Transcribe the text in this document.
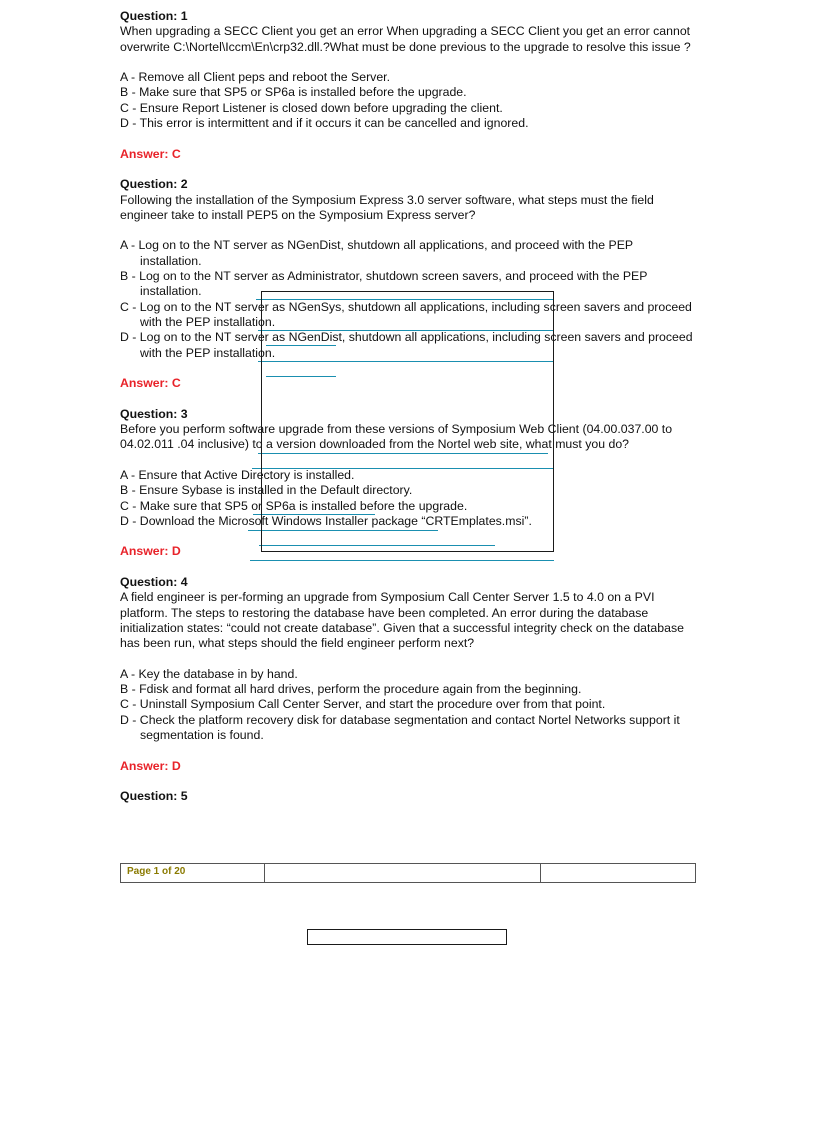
Question: 1

When upgrading a SECC Client you get an error When upgrading a SECC Client you get an error cannot overwrite C:\Nortel\Iccm\En\crp32.dll.?What must be done previous to the upgrade to resolve this issue ?

A - Remove all Client peps and reboot the Server.
B - Make sure that SP5 or SP6a is installed before the upgrade.
C - Ensure Report Listener is closed down before upgrading the client.
D - This error is intermittent and if it occurs it can be cancelled and ignored.
Answer: C
Question: 2

Following the installation of the Symposium Express 3.0 server software, what steps must the field engineer take to install PEP5 on the Symposium Express server?

A - Log on to the NT server as NGenDist, shutdown all applications, and proceed with the PEP installation.
B - Log on to the NT server as Administrator, shutdown screen savers, and proceed with the PEP installation.
C - Log on to the NT server as NGenSys, shutdown all applications, including screen savers and proceed with the PEP installation.
D - Log on to the NT server as NGenDist, shutdown all applications, including screen savers and proceed with the PEP installation.
Answer: C
Question: 3

Before you perform software upgrade from these versions of Symposium Web Client (04.00.037.00 to 04.02.011 .04 inclusive) to a version downloaded from the Nortel web site, what must you do?

A - Ensure that Active Directory is installed.
B - Ensure Sybase is installed in the Default directory.
C - Make sure that SP5 or SP6a is installed before the upgrade.
D - Download the Microsoft Windows Installer package “CRTEmplates.msi”.
Answer: D
Question: 4

A field engineer is per-forming an upgrade from Symposium Call Center Server 1.5 to 4.0 on a PVI platform. The steps to restoring the database have been completed. An error during the database initialization states: “could not create database”. Given that a successful integrity check on the database has been run, what steps should the field engineer perform next?

A - Key the database in by hand.
B - Fdisk and format all hard drives, perform the procedure again from the beginning.
C - Uninstall Symposium Call Center Server, and start the procedure over from that point.
D - Check the platform recovery disk for database segmentation and contact Nortel Networks support it segmentation is found.
Answer: D
Question: 5
Page 1 of 20
